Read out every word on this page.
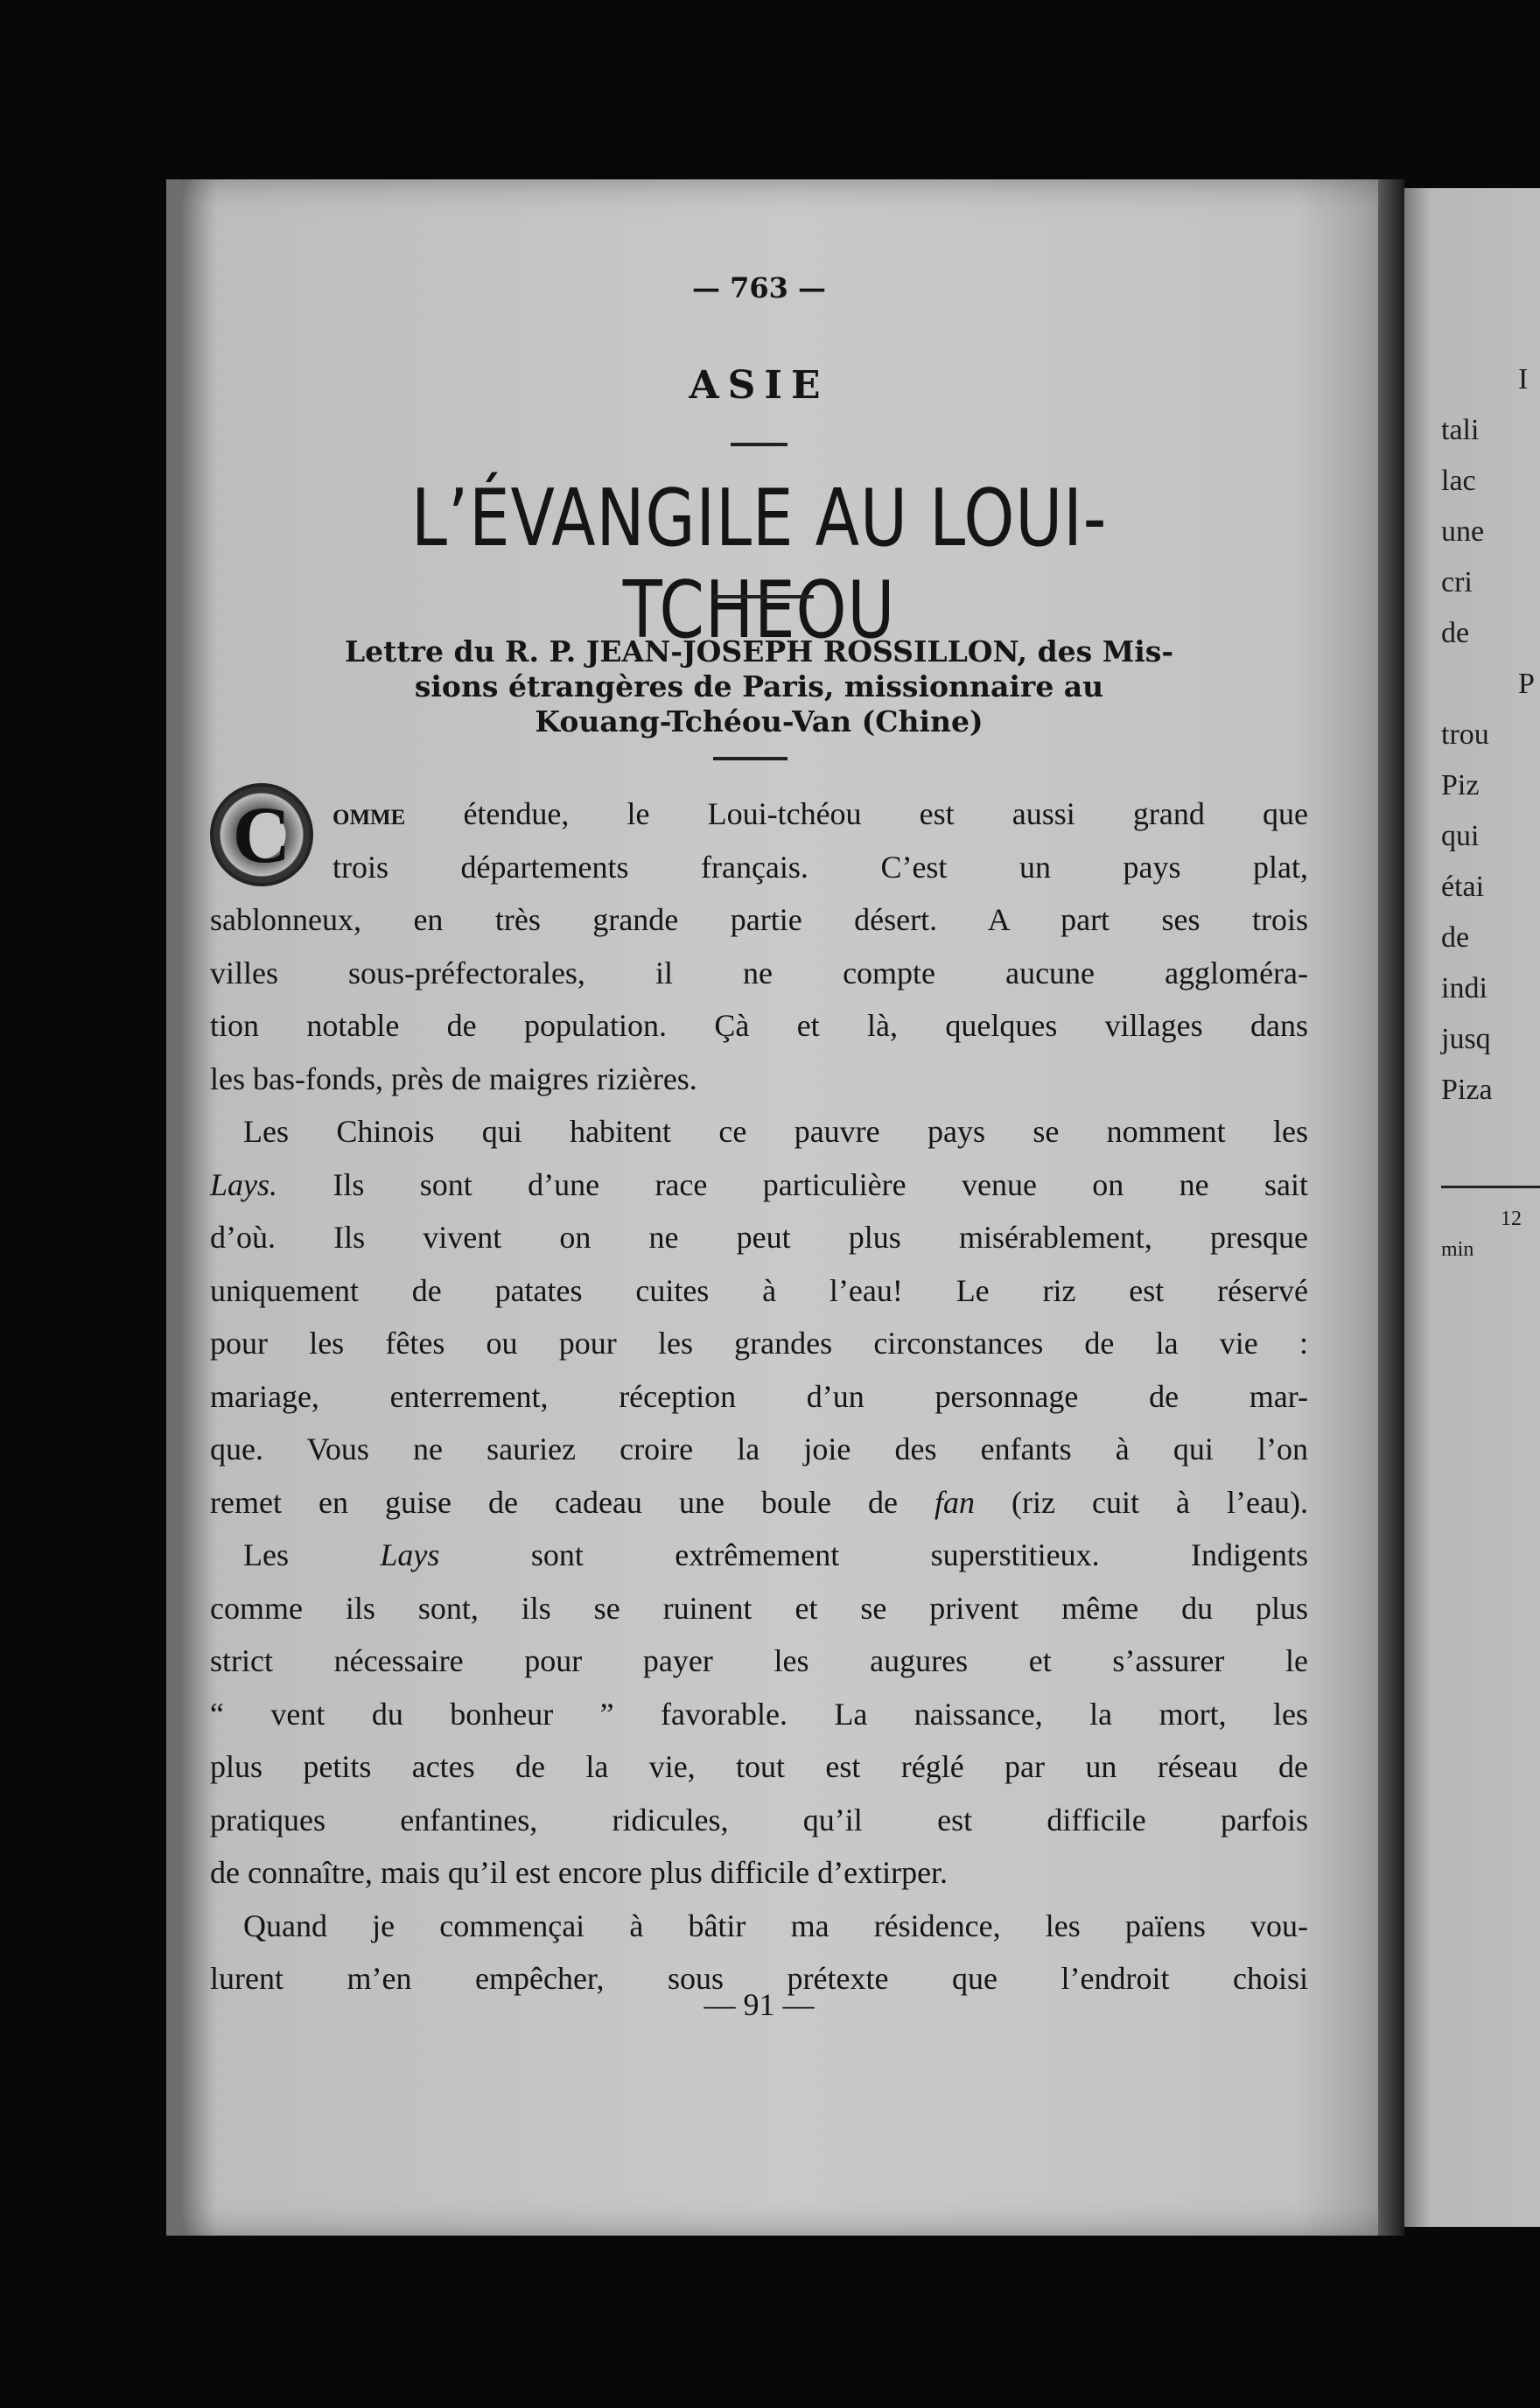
I
tali
lac
une
cri
de
P
trou
Piz
qui
étai
de
indi
jusq
Piza
12
min
— 763 —
ASIE
L’ÉVANGILE AU LOUI-TCHEOU
Lettre du R. P. JEAN-JOSEPH ROSSILLON, des Mis-
sions étrangères de Paris, missionnaire au
Kouang-Tchéou-Van (Chine)
C	omme étendue, le Loui-tchéou est aussi grand que
trois départements français. C’est un pays plat,
sablonneux, en très grande partie désert. A part ses trois
villes sous-préfectorales, il ne compte aucune aggloméra-
tion notable de population. Çà et là, quelques villages dans
les bas-fonds, près de maigres rizières.
Les Chinois qui habitent ce pauvre pays se nomment les
Lays. Ils sont d’une race particulière venue on ne sait
d’où. Ils vivent on ne peut plus misérablement, presque
uniquement de patates cuites à l’eau! Le riz est réservé
pour les fêtes ou pour les grandes circonstances de la vie :
mariage, enterrement, réception d’un personnage de mar-
que. Vous ne sauriez croire la joie des enfants à qui l’on
remet en guise de cadeau une boule de fan (riz cuit à l’eau).
Les Lays sont extrêmement superstitieux. Indigents
comme ils sont, ils se ruinent et se privent même du plus
strict nécessaire pour payer les augures et s’assurer le
“ vent du bonheur ” favorable. La naissance, la mort, les
plus petits actes de la vie, tout est réglé par un réseau de
pratiques enfantines, ridicules, qu’il est difficile parfois
de connaître, mais qu’il est encore plus difficile d’extirper.
Quand je commençai à bâtir ma résidence, les païens vou-
lurent m’en empêcher, sous prétexte que l’endroit choisi
— 91 —
